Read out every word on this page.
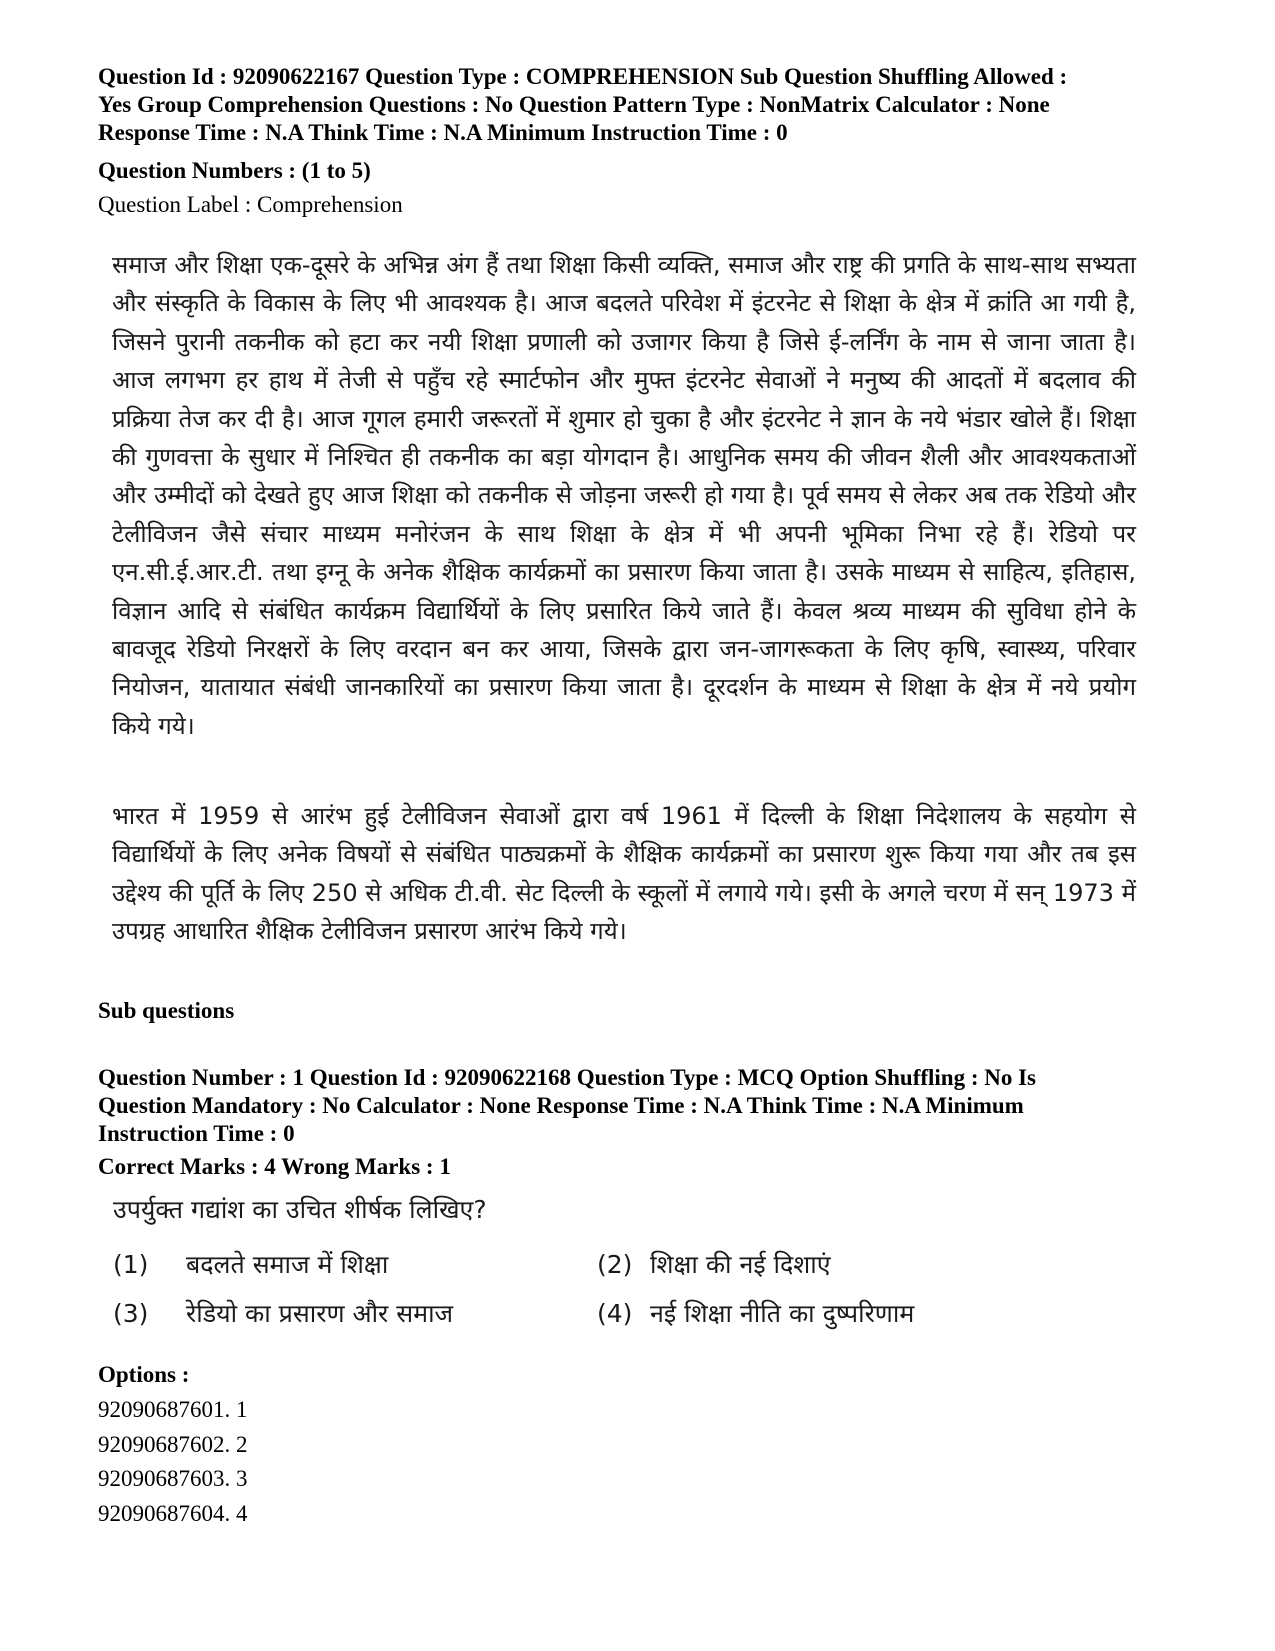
Question Id : 92090622167 Question Type : COMPREHENSION Sub Question Shuffling Allowed :
Yes Group Comprehension Questions : No Question Pattern Type : NonMatrix Calculator : None
Response Time : N.A Think Time : N.A Minimum Instruction Time : 0
Question Numbers : (1 to 5)
Question Label : Comprehension
समाज और शिक्षा एक-दूसरे के अभिन्न अंग हैं तथा शिक्षा किसी व्यक्ति, समाज और राष्ट्र की प्रगति के साथ-साथ सभ्यता और संस्कृति के विकास के लिए भी आवश्यक है। आज बदलते परिवेश में इंटरनेट से शिक्षा के क्षेत्र में क्रांति आ गयी है, जिसने पुरानी तकनीक को हटा कर नयी शिक्षा प्रणाली को उजागर किया है जिसे ई-लर्निंग के नाम से जाना जाता है। आज लगभग हर हाथ में तेजी से पहुँच रहे स्मार्टफोन और मुफ्त इंटरनेट सेवाओं ने मनुष्य की आदतों में बदलाव की प्रक्रिया तेज कर दी है। आज गूगल हमारी जरूरतों में शुमार हो चुका है और इंटरनेट ने ज्ञान के नये भंडार खोले हैं। शिक्षा की गुणवत्ता के सुधार में निश्चित ही तकनीक का बड़ा योगदान है। आधुनिक समय की जीवन शैली और आवश्यकताओं और उम्मीदों को देखते हुए आज शिक्षा को तकनीक से जोड़ना जरूरी हो गया है। पूर्व समय से लेकर अब तक रेडियो और टेलीविजन जैसे संचार माध्यम मनोरंजन के साथ शिक्षा के क्षेत्र में भी अपनी भूमिका निभा रहे हैं। रेडियो पर एन.सी.ई.आर.टी. तथा इग्नू के अनेक शैक्षिक कार्यक्रमों का प्रसारण किया जाता है। उसके माध्यम से साहित्य, इतिहास, विज्ञान आदि से संबंधित कार्यक्रम विद्यार्थियों के लिए प्रसारित किये जाते हैं। केवल श्रव्य माध्यम की सुविधा होने के बावजूद रेडियो निरक्षरों के लिए वरदान बन कर आया, जिसके द्वारा जन-जागरूकता के लिए कृषि, स्वास्थ्य, परिवार नियोजन, यातायात संबंधी जानकारियों का प्रसारण किया जाता है। दूरदर्शन के माध्यम से शिक्षा के क्षेत्र में नये प्रयोग किये गये।
भारत में 1959 से आरंभ हुई टेलीविजन सेवाओं द्वारा वर्ष 1961 में दिल्ली के शिक्षा निदेशालय के सहयोग से विद्यार्थियों के लिए अनेक विषयों से संबंधित पाठ्यक्रमों के शैक्षिक कार्यक्रमों का प्रसारण शुरू किया गया और तब इस उद्देश्य की पूर्ति के लिए 250 से अधिक टी.वी. सेट दिल्ली के स्कूलों में लगाये गये। इसी के अगले चरण में सन् 1973 में उपग्रह आधारित शैक्षिक टेलीविजन प्रसारण आरंभ किये गये।
Sub questions
Question Number : 1 Question Id : 92090622168 Question Type : MCQ Option Shuffling : No Is
Question Mandatory : No Calculator : None Response Time : N.A Think Time : N.A Minimum
Instruction Time : 0
Correct Marks : 4 Wrong Marks : 1
उपर्युक्त गद्यांश का उचित शीर्षक लिखिए?
(1) बदलते समाज में शिक्षा	(2) शिक्षा की नई दिशाएं
(3) रेडियो का प्रसारण और समाज	(4) नई शिक्षा नीति का दुष्परिणाम
Options :
92090687601. 1
92090687602. 2
92090687603. 3
92090687604. 4
